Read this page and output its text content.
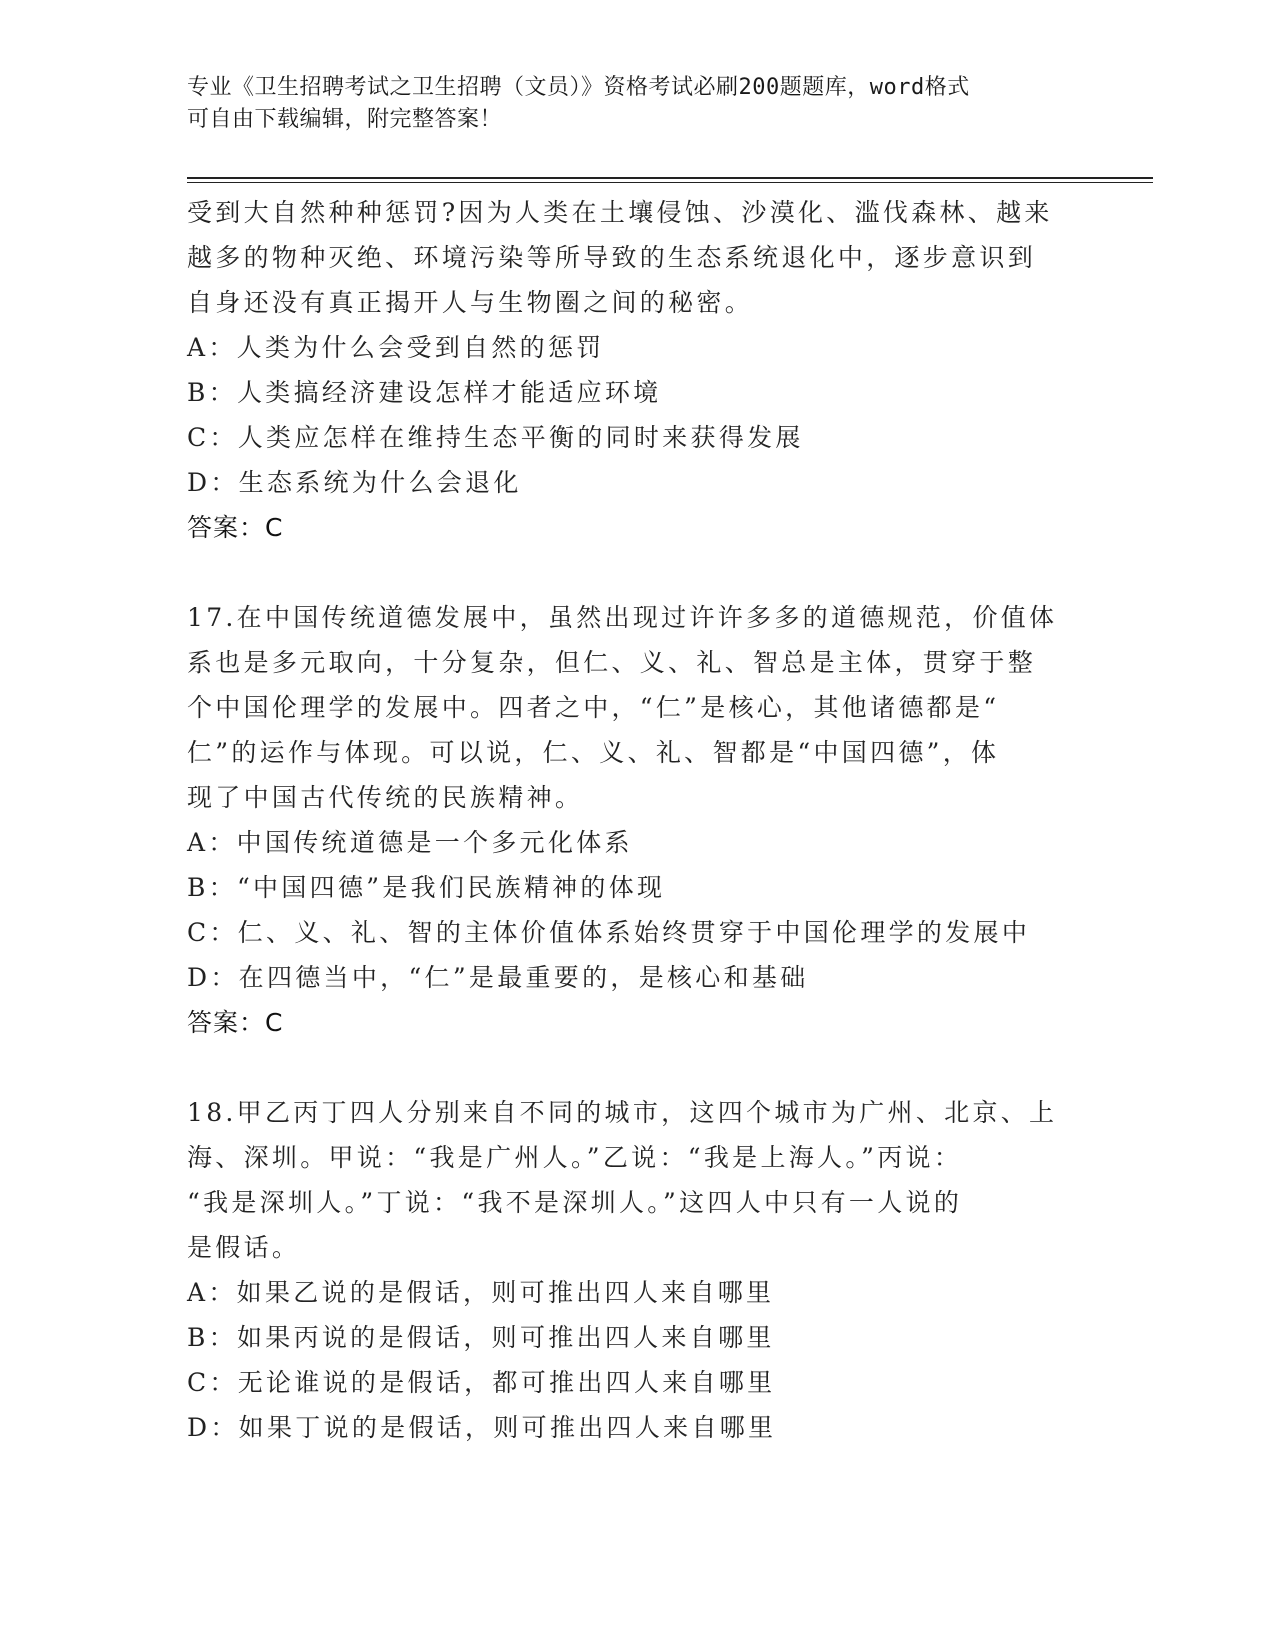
专业《卫生招聘考试之卫生招聘（文员）》资格考试必刷200题题库，word格式
可自由下载编辑，附完整答案！

受到大自然种种惩罚?因为人类在土壤侵蚀、沙漠化、滥伐森林、越来

越多的物种灭绝、环境污染等所导致的生态系统退化中，逐步意识到

自身还没有真正揭开人与生物圈之间的秘密。

A：人类为什么会受到自然的惩罚

B：人类搞经济建设怎样才能适应环境

C：人类应怎样在维持生态平衡的同时来获得发展

D：生态系统为什么会退化

答案：C

17.在中国传统道德发展中，虽然出现过许许多多的道德规范，价值体

系也是多元取向，十分复杂，但仁、义、礼、智总是主体，贯穿于整

个中国伦理学的发展中。四者之中，“仁”是核心，其他诸德都是“

仁”的运作与体现。可以说，仁、义、礼、智都是“中国四德”，体

现了中国古代传统的民族精神。

A：中国传统道德是一个多元化体系

B：“中国四德”是我们民族精神的体现

C：仁、义、礼、智的主体价值体系始终贯穿于中国伦理学的发展中

D：在四德当中，“仁”是最重要的，是核心和基础

答案：C

18.甲乙丙丁四人分别来自不同的城市，这四个城市为广州、北京、上

海、深圳。甲说：“我是广州人。”乙说：“我是上海人。”丙说：

“我是深圳人。”丁说：“我不是深圳人。”这四人中只有一人说的

是假话。

A：如果乙说的是假话，则可推出四人来自哪里

B：如果丙说的是假话，则可推出四人来自哪里

C：无论谁说的是假话，都可推出四人来自哪里

D：如果丁说的是假话，则可推出四人来自哪里
